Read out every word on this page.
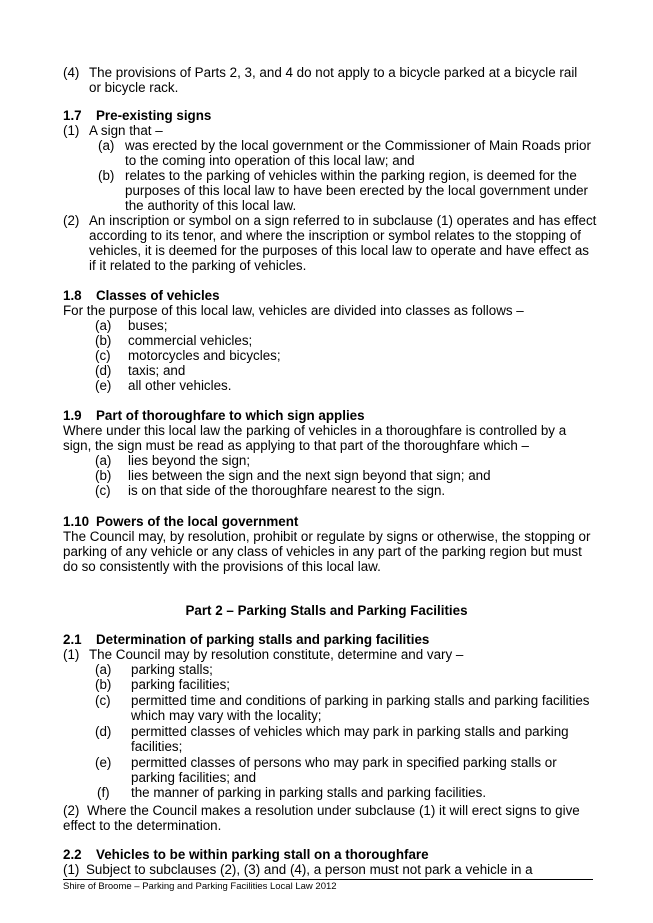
(4) The provisions of Parts 2, 3, and 4 do not apply to a bicycle parked at a bicycle rail
or bicycle rack.
1.7 Pre-existing signs
(1) A sign that –
(a) was erected by the local government or the Commissioner of Main Roads prior
to the coming into operation of this local law; and
(b) relates to the parking of vehicles within the parking region, is deemed for the
purposes of this local law to have been erected by the local government under
the authority of this local law.
(2) An inscription or symbol on a sign referred to in subclause (1) operates and has effect
according to its tenor, and where the inscription or symbol relates to the stopping of
vehicles, it is deemed for the purposes of this local law to operate and have effect as
if it related to the parking of vehicles.
1.8 Classes of vehicles
For the purpose of this local law, vehicles are divided into classes as follows –
(a) buses;
(b) commercial vehicles;
(c) motorcycles and bicycles;
(d) taxis; and
(e) all other vehicles.
1.9 Part of thoroughfare to which sign applies
Where under this local law the parking of vehicles in a thoroughfare is controlled by a
sign, the sign must be read as applying to that part of the thoroughfare which –
(a) lies beyond the sign;
(b) lies between the sign and the next sign beyond that sign; and
(c) is on that side of the thoroughfare nearest to the sign.
1.10 Powers of the local government
The Council may, by resolution, prohibit or regulate by signs or otherwise, the stopping or
parking of any vehicle or any class of vehicles in any part of the parking region but must
do so consistently with the provisions of this local law.
Part 2 – Parking Stalls and Parking Facilities
2.1 Determination of parking stalls and parking facilities
(1) The Council may by resolution constitute, determine and vary –
(a) parking stalls;
(b) parking facilities;
(c) permitted time and conditions of parking in parking stalls and parking facilities
which may vary with the locality;
(d) permitted classes of vehicles which may park in parking stalls and parking
facilities;
(e) permitted classes of persons who may park in specified parking stalls or
parking facilities; and
(f) the manner of parking in parking stalls and parking facilities.
(2) Where the Council makes a resolution under subclause (1) it will erect signs to give
effect to the determination.
2.2 Vehicles to be within parking stall on a thoroughfare
(1) Subject to subclauses (2), (3) and (4), a person must not park a vehicle in a
Shire of Broome – Parking and Parking Facilities Local Law 2012
